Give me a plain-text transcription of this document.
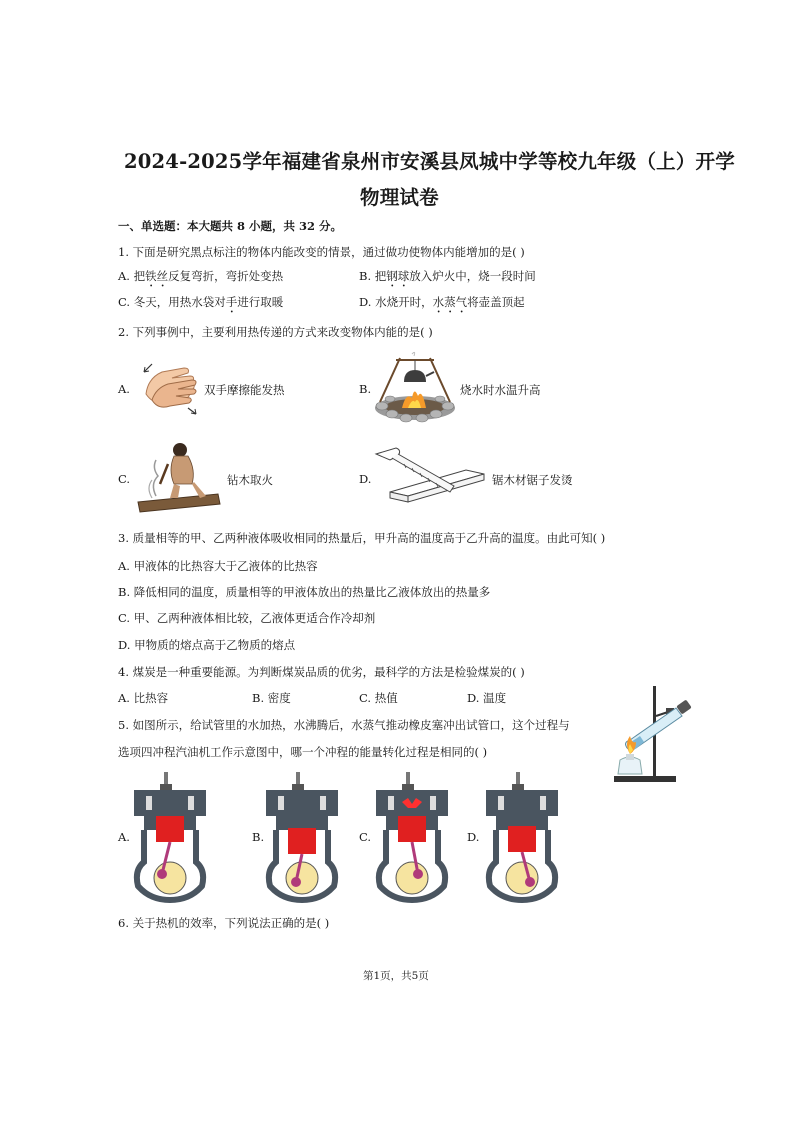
2024-2025学年福建省泉州市安溪县凤城中学等校九年级（上）开学
物理试卷
一、单选题：本大题共 8 小题，共 32 分。
1. 下面是研究黑点标注的物体内能改变的情景，通过做功使物体内能增加的是( )
A. 把铁丝反复弯折，弯折处变热	B. 把钢球放入炉火中，烧一段时间
C. 冬天，用热水袋对手进行取暖	D. 水烧开时，水蒸气将壶盖顶起
2. 下列事例中，主要利用热传递的方式来改变物体内能的是( )
A.	双手摩擦能发热	B.	烧水时水温升高
C.	钻木取火	D.	锯木材锯子发烫
3. 质量相等的甲、乙两种液体吸收相同的热量后，甲升高的温度高于乙升高的温度。由此可知( )
A. 甲液体的比热容大于乙液体的比热容
B. 降低相同的温度，质量相等的甲液体放出的热量比乙液体放出的热量多
C. 甲、乙两种液体相比较，乙液体更适合作冷却剂
D. 甲物质的熔点高于乙物质的熔点
4. 煤炭是一种重要能源。为判断煤炭品质的优劣，最科学的方法是检验煤炭的( )
A. 比热容	B. 密度	C. 热值	D. 温度
5. 如图所示，给试管里的水加热，水沸腾后，水蒸气推动橡皮塞冲出试管口，这个过程与
选项四冲程汽油机工作示意图中，哪一个冲程的能量转化过程是相同的( )
A.	B.	C.	D.
6. 关于热机的效率，下列说法正确的是( )
第1页，共5页
